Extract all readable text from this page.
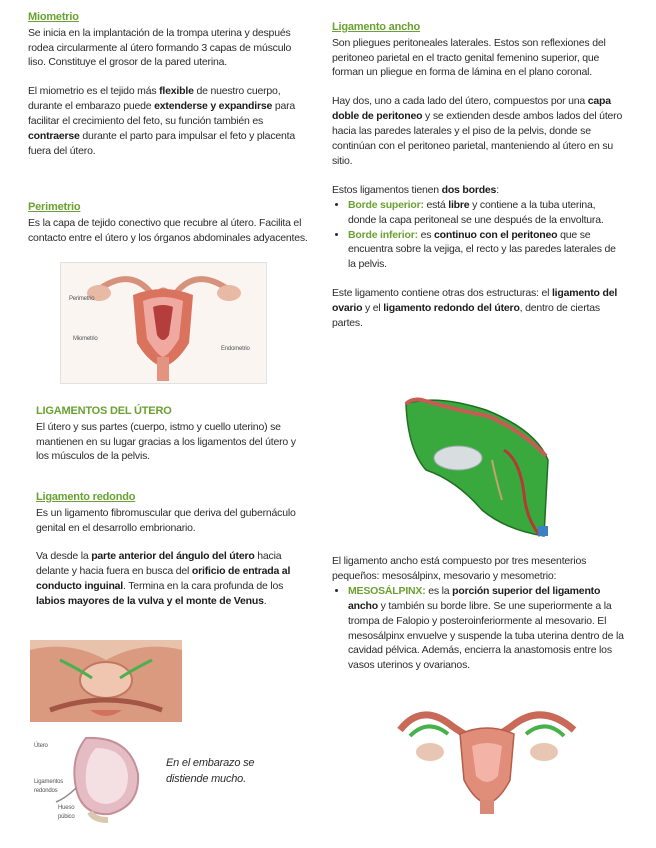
Miometrio

Se inicia en la implantación de la trompa uterina y después rodea circularmente al útero formando 3 capas de músculo liso. Constituye el grosor de la pared uterina.

El miometrio es el tejido más flexible de nuestro cuerpo, durante el embarazo puede extenderse y expandirse para facilitar el crecimiento del feto, su función también es contraerse durante el parto para impulsar el feto y placenta fuera del útero.

Perimetrio

Es la capa de tejido conectivo que recubre al útero. Facilita el contacto entre el útero y los órganos abdominales adyacentes.

Perimetrio
Miometrio
Endometrio
LIGAMENTOS DEL ÚTERO

El útero y sus partes (cuerpo, istmo y cuello uterino) se mantienen en su lugar gracias a los ligamentos del útero y los músculos de la pelvis.

Ligamento redondo

Es un ligamento fibromuscular que deriva del gubernáculo genital en el desarrollo embrionario.

Va desde la parte anterior del ángulo del útero hacia delante y hacia fuera en busca del orificio de entrada al conducto inguinal. Termina en la cara profunda de los labios mayores de la vulva y el monte de Venus.

Útero
Ligamentos redondos
Hueso púbico
En el embarazo se distiende mucho.
Ligamento ancho

Son pliegues peritoneales laterales. Estos son reflexiones del peritoneo parietal en el tracto genital femenino superior, que forman un pliegue en forma de lámina en el plano coronal.

Hay dos, uno a cada lado del útero, compuestos por una capa doble de peritoneo y se extienden desde ambos lados del útero hacia las paredes laterales y el piso de la pelvis, donde se continúan con el peritoneo parietal, manteniendo al útero en su sitio.

Estos ligamentos tienen dos bordes:

• Borde superior: está libre y contiene a la tuba uterina, donde la capa peritoneal se une después de la envoltura.
• Borde inferior: es continuo con el peritoneo que se encuentra sobre la vejiga, el recto y las paredes laterales de la pelvis.

Este ligamento contiene otras dos estructuras: el ligamento del ovario y el ligamento redondo del útero, dentro de ciertas partes.

El ligamento ancho está compuesto por tres mesenterios pequeños: mesosálpinx, mesovario y mesometrio:

• MESOSÁLPINX: es la porción superior del ligamento ancho y también su borde libre. Se une superiormente a la trompa de Falopio y posteroinferiormente al mesovario. El mesosálpinx envuelve y suspende la tuba uterina dentro de la cavidad pélvica. Además, encierra la anastomosis entre los vasos uterinos y ovarianos.
